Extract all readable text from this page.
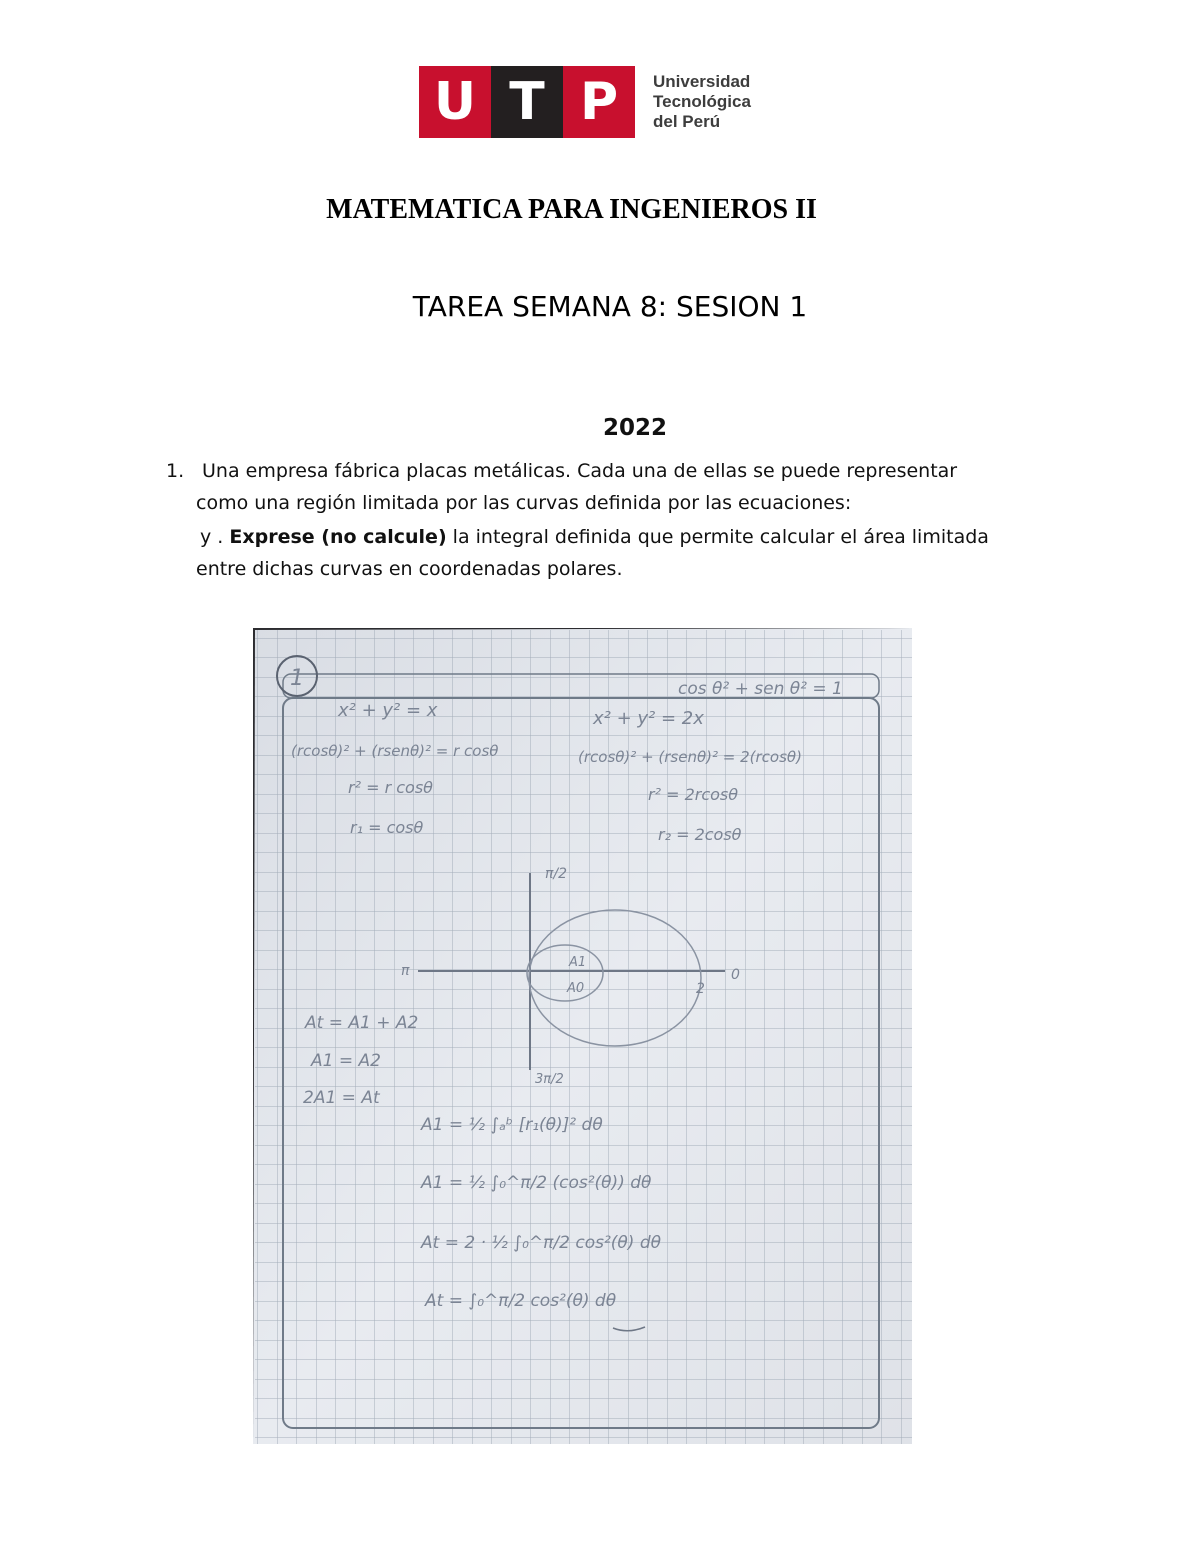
U T P	Universidad
Tecnológica
del Perú
MATEMATICA PARA INGENIEROS II
TAREA SEMANA 8: SESION 1
2022
1. Una empresa fábrica placas metálicas. Cada una de ellas se puede representar
como una región limitada por las curvas definida por las ecuaciones:
y . Exprese (no calcule) la integral definida que permite calcular el área limitada
entre dichas curvas en coordenadas polares.
1	cos θ² + sen θ² = 1
x² + y² = x
(rcosθ)² + (rsenθ)² = r cosθ
r² = r cosθ
r₁ = cosθ
x² + y² = 2x
(rcosθ)² + (rsenθ)² = 2(rcosθ)
r² = 2rcosθ
r₂ = 2cosθ
π/2
π	0
3π/2
2
A1
A0
At = A1 + A2
A1 = A2
2A1 = At
A1 = ½ ∫ₐᵇ [r₁(θ)]² dθ
A1 = ½ ∫₀^π/2 (cos²(θ)) dθ
At = 2 · ½ ∫₀^π/2 cos²(θ) dθ
At = ∫₀^π/2 cos²(θ) dθ
